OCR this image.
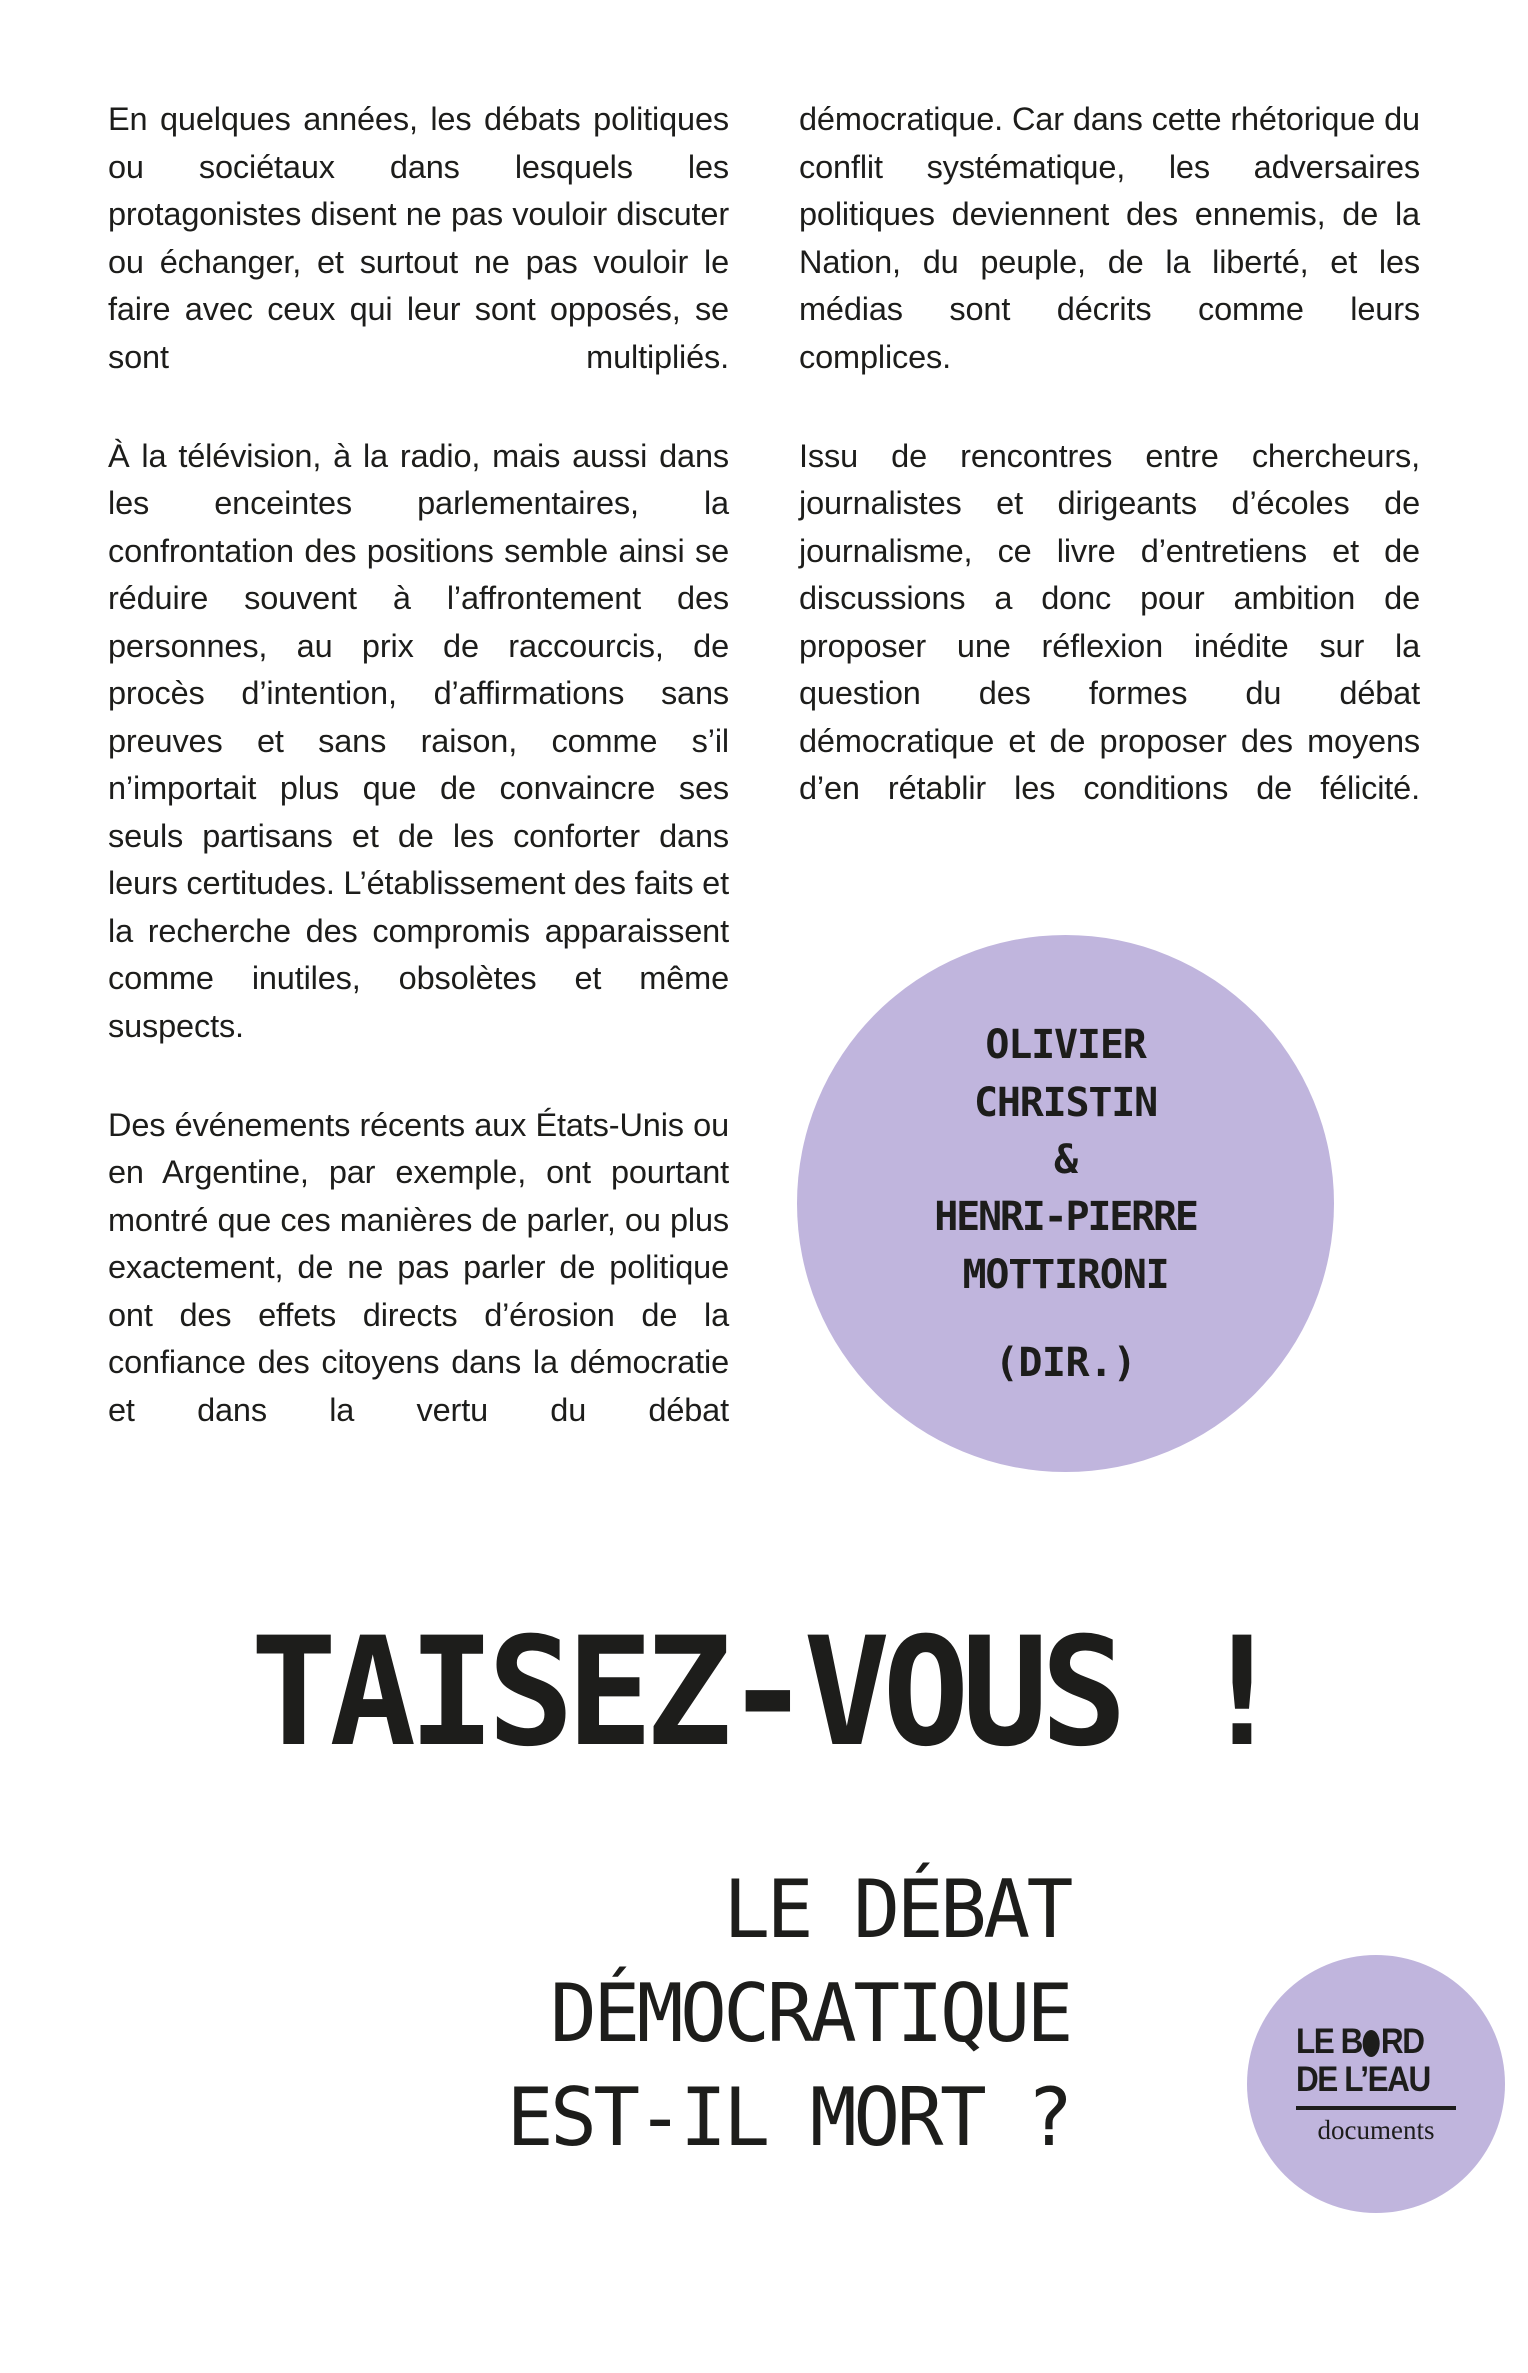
En quelques années, les débats politiques ou sociétaux dans lesquels les protagonistes disent ne pas vouloir discuter ou échanger, et surtout ne pas vouloir le faire avec ceux qui leur sont opposés, se sont multipliés.

À la télévision, à la radio, mais aussi dans les enceintes parlementaires, la confrontation des positions semble ainsi se réduire souvent à l’affrontement des personnes, au prix de raccourcis, de procès d’intention, d’affirmations sans preuves et sans raison, comme s’il n’importait plus que de convaincre ses seuls partisans et de les conforter dans leurs certitudes. L’établissement des faits et la recherche des compromis apparaissent comme inutiles, obsolètes et même suspects.

Des événements récents aux États-Unis ou en Argentine, par exemple, ont pourtant montré que ces manières de parler, ou plus exactement, de ne pas parler de politique ont des effets directs d’érosion de la confiance des citoyens dans la démocratie et dans la vertu du débat

démocratique. Car dans cette rhétorique du conflit systématique, les adversaires politiques deviennent des ennemis, de la Nation, du peuple, de la liberté, et les médias sont décrits comme leurs complices.

Issu de rencontres entre chercheurs, journalistes et dirigeants d’écoles de journalisme, ce livre d’entretiens et de discussions a donc pour ambition de proposer une réflexion inédite sur la question des formes du débat démocratique et de proposer des moyens d’en rétablir les conditions de félicité.

OLIVIER
CHRISTIN
&
HENRI-PIERRE
MOTTIRONI
(DIR.)
TAISEZ-VOUS !
LE DÉBAT
DÉMOCRATIQUE
EST-IL MORT ?
LE B RD
DE L’EAU
documents
